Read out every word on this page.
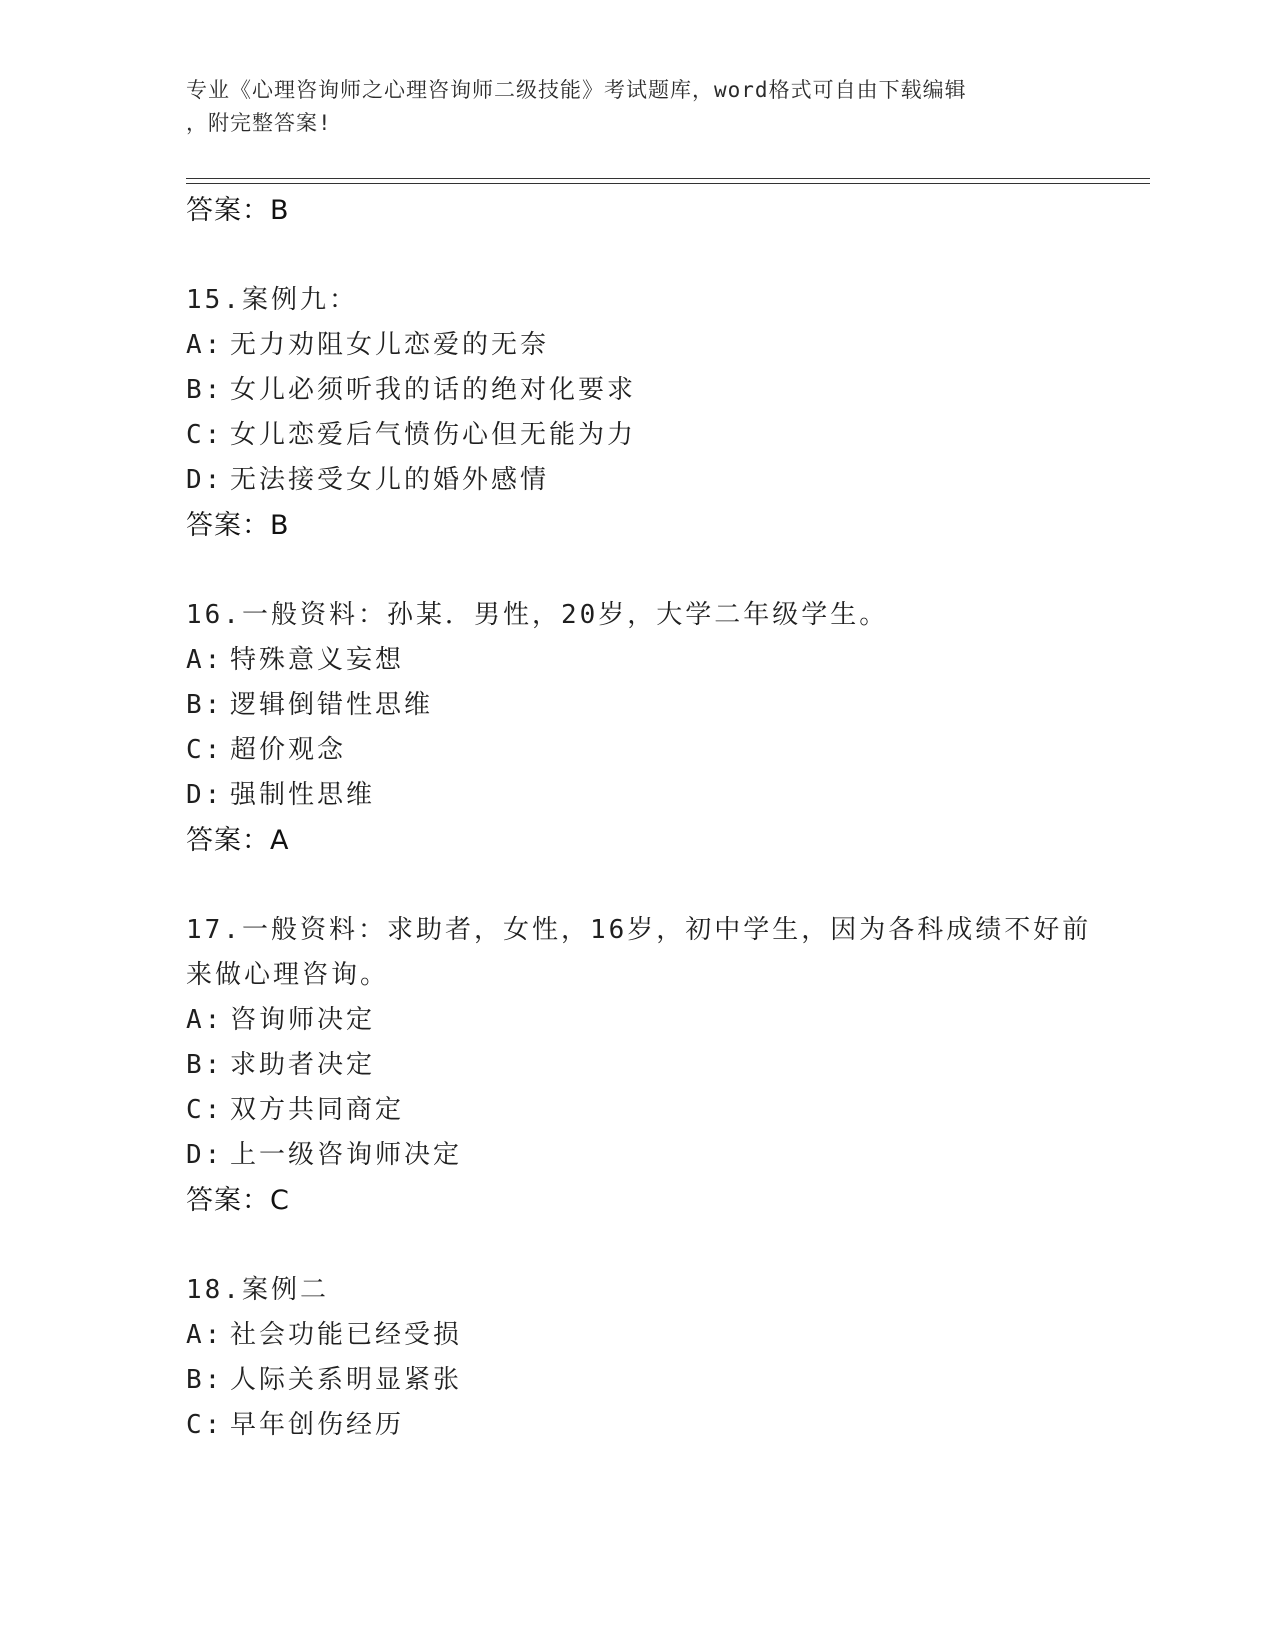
专业《心理咨询师之心理咨询师二级技能》考试题库，word格式可自由下载编辑
，附完整答案!
答案：B
15.案例九：
A: 无力劝阻女儿恋爱的无奈
B: 女儿必须听我的话的绝对化要求
C: 女儿恋爱后气愤伤心但无能为力
D: 无法接受女儿的婚外感情
答案：B
16.一般资料：孙某．男性，20岁，大学二年级学生。
A: 特殊意义妄想
B: 逻辑倒错性思维
C: 超价观念
D: 强制性思维
答案：A
17.一般资料：求助者，女性，16岁，初中学生，因为各科成绩不好前
来做心理咨询。
A: 咨询师决定
B: 求助者决定
C: 双方共同商定
D: 上一级咨询师决定
答案：C
18.案例二
A: 社会功能已经受损
B: 人际关系明显紧张
C: 早年创伤经历
